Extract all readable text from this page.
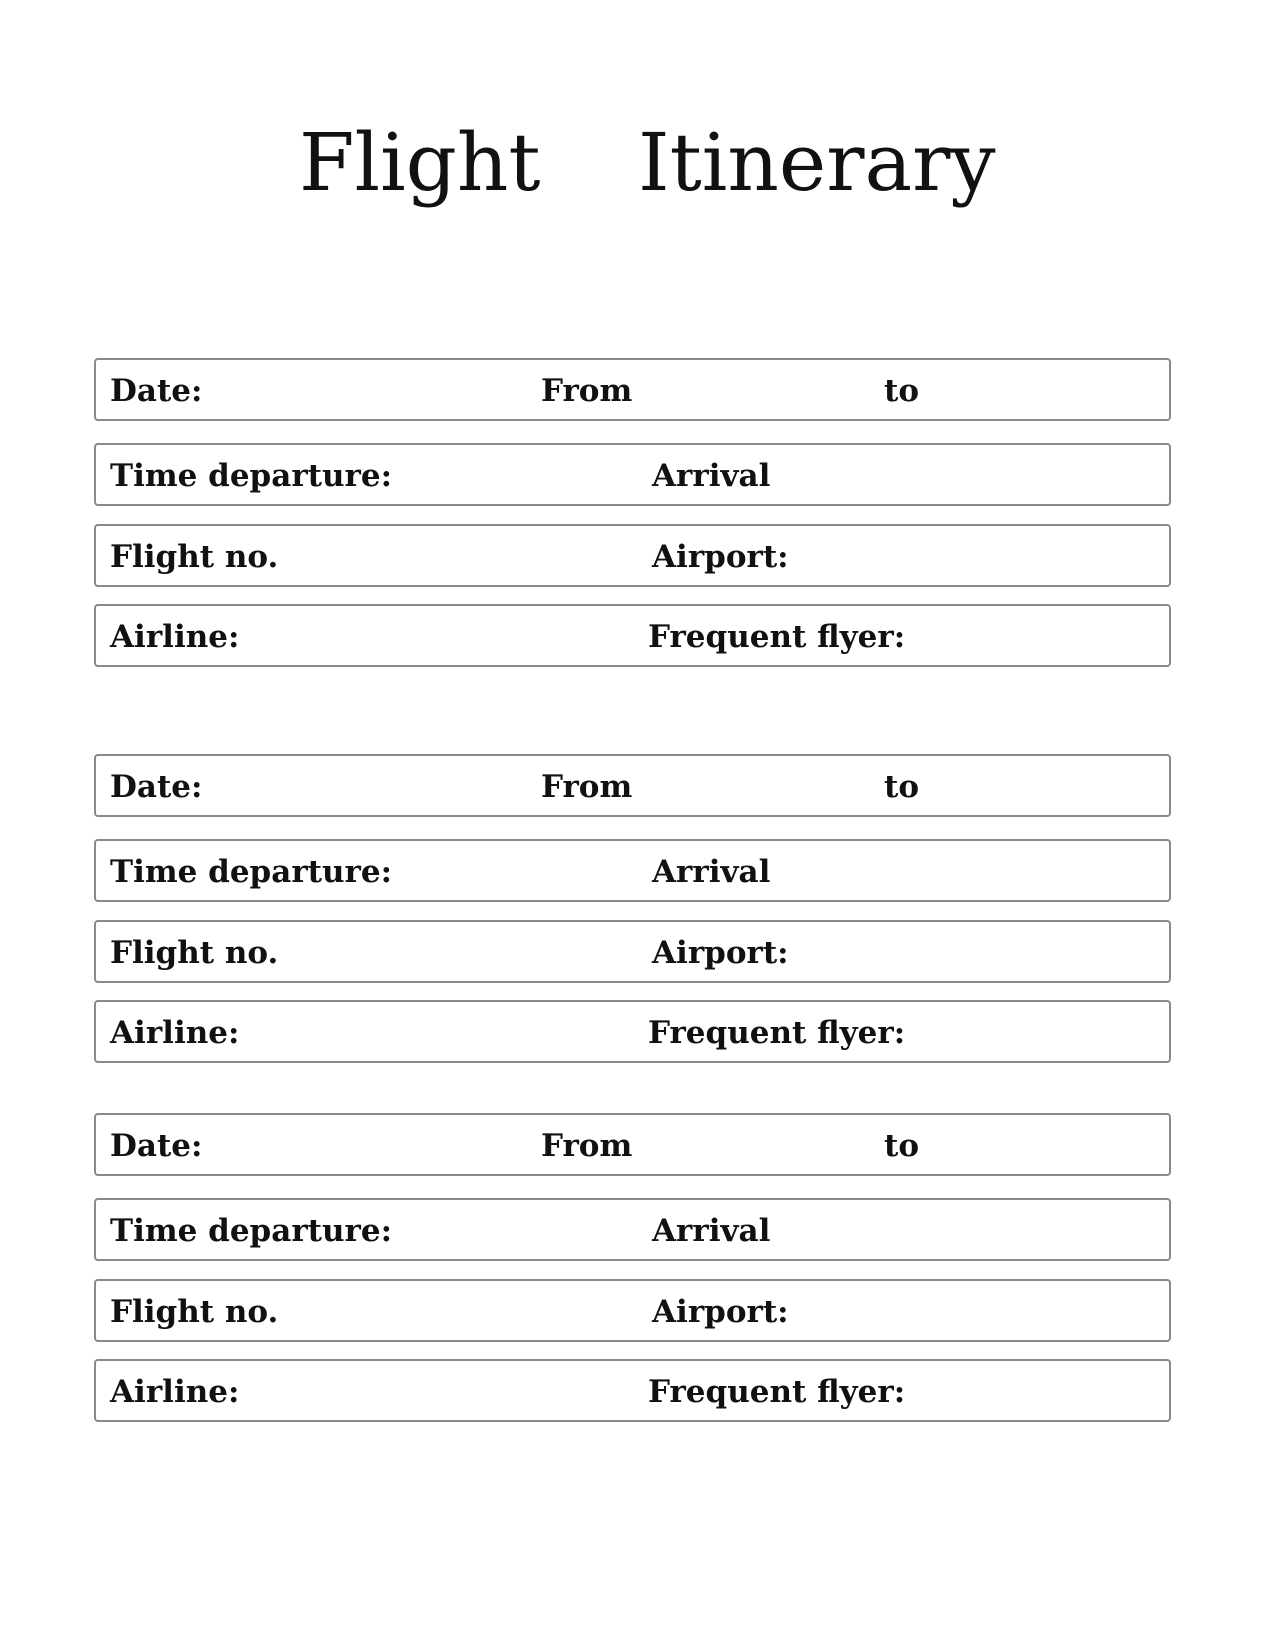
Flight Itinerary
Date:	From	to
Time departure:	Arrival
Flight no.	Airport:
Airline:	Frequent flyer:
Date:	From	to
Time departure:	Arrival
Flight no.	Airport:
Airline:	Frequent flyer:
Date:	From	to
Time departure:	Arrival
Flight no.	Airport:
Airline:	Frequent flyer:
